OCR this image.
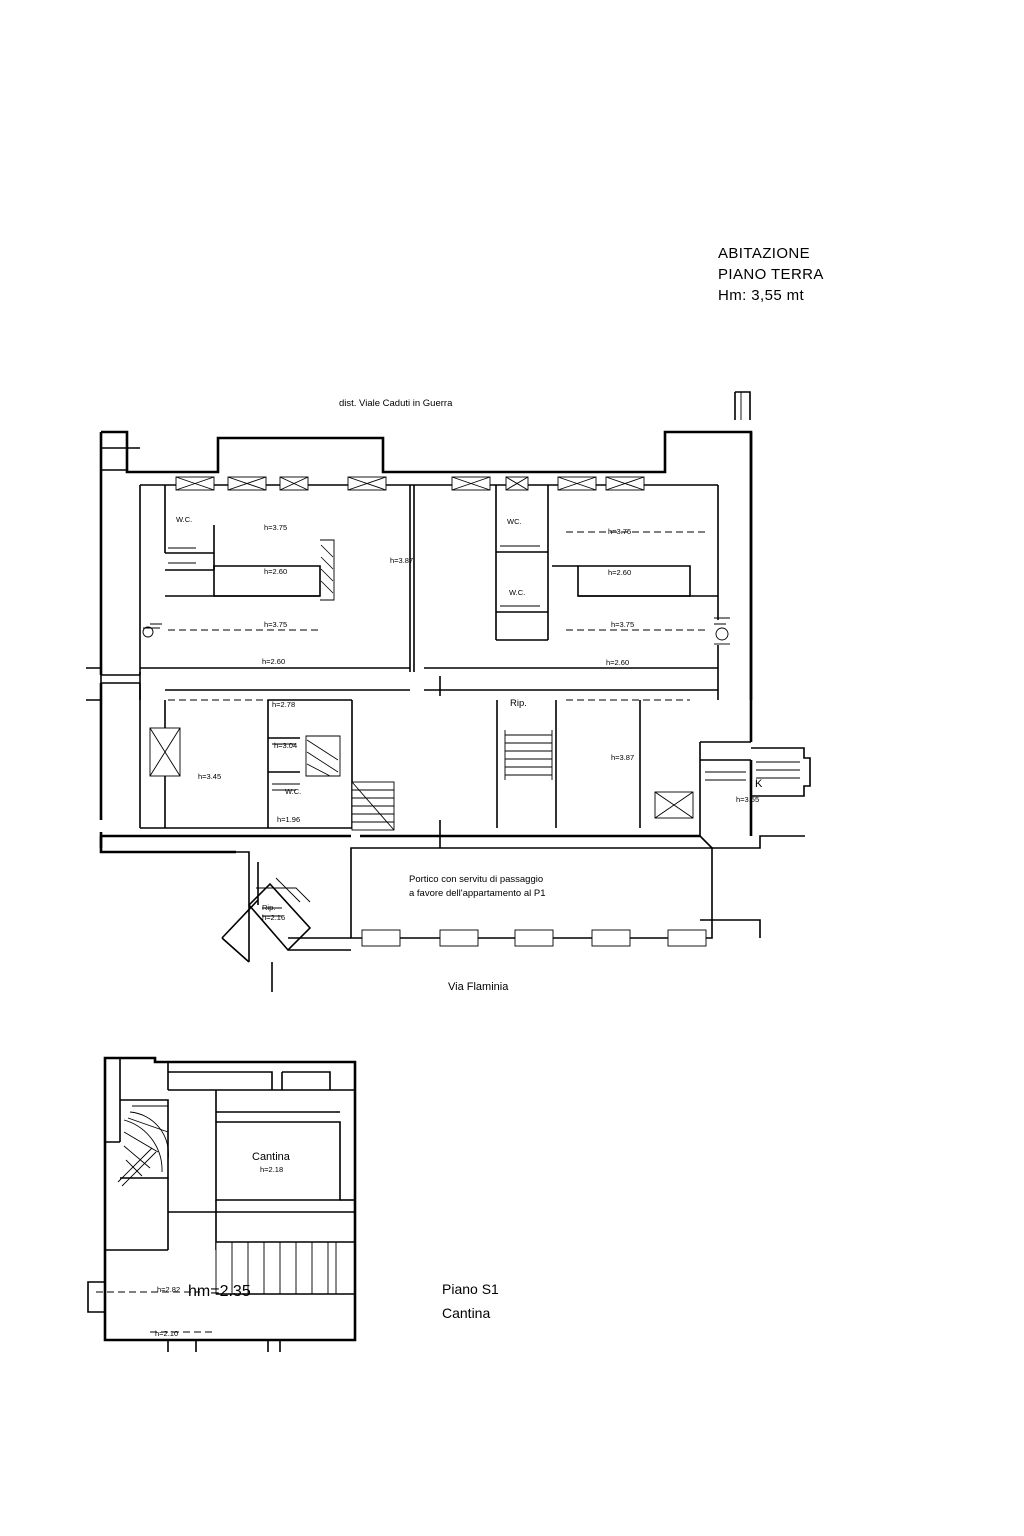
ABITAZIONE
PIANO TERRA
Hm: 3,55 mt
dist. Viale Caduti in Guerra
Via Flaminia
Portico con servitu di passaggio
a favore dell'appartamento al P1
Piano S1
Cantina
W.C.	WC.
W.C.
W.C.
Rip.
Rip.
h=2.16
K
h=3.55
h=1.96
h=3.75
h=2.60
h=3.87
h=3.75
h=2.60
h=3.75
h=2.60
h=3.75
h=2.60
h=2.78
h=3.04
h=3.45
h=3.87
Cantina
h=2.18
hm=2.35
h=2.82
h=2.10
